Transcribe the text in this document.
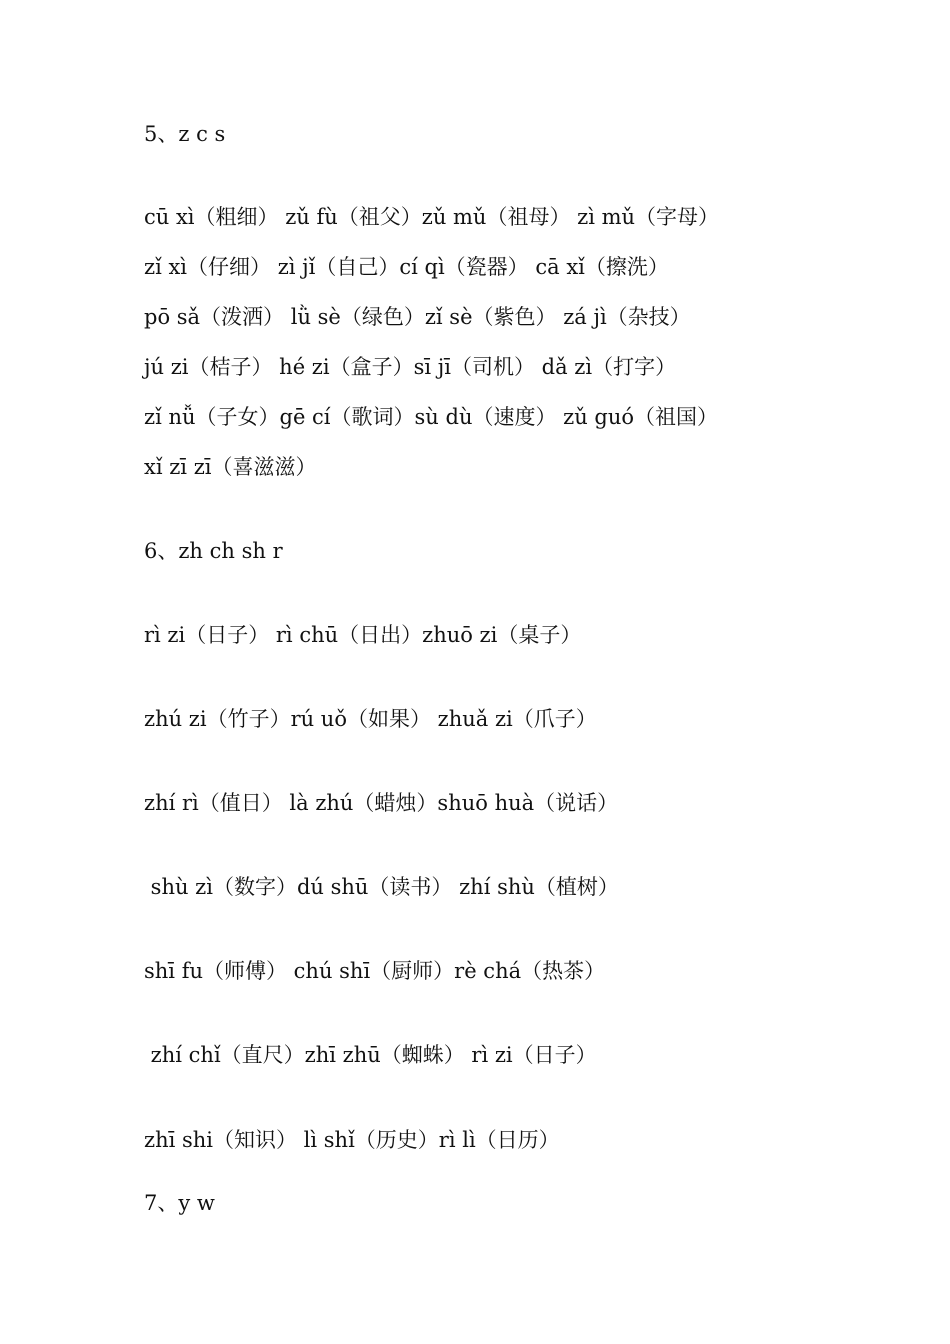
5、z c s

cū xì（粗细） zǔ fù（祖父）zǔ mǔ（祖母） zì mǔ（字母）

zǐ xì（仔细） zì jǐ（自己）cí qì（瓷器） cā xǐ（擦洗）

pō sǎ（泼洒） lǜ sè（绿色）zǐ sè（紫色） zá jì（杂技）

jú zi（桔子） hé zi（盒子）sī jī（司机） dǎ zì（打字）

zǐ nǚ（子女）gē cí（歌词）sù dù（速度） zǔ guó（祖国）

xǐ zī zī（喜滋滋）

6、zh ch sh r

rì zi（日子） rì chū（日出）zhuō zi（桌子）

zhú zi（竹子）rú uǒ（如果） zhuǎ zi（爪子）

zhí rì（值日） là zhú（蜡烛）shuō huà（说话）

shù zì（数字）dú shū（读书） zhí shù（植树）

shī fu（师傅） chú shī（厨师）rè chá（热茶）

zhí chǐ（直尺）zhī zhū（蜘蛛） rì zi（日子）

zhī shi（知识） lì shǐ（历史）rì lì（日历）

7、y w
